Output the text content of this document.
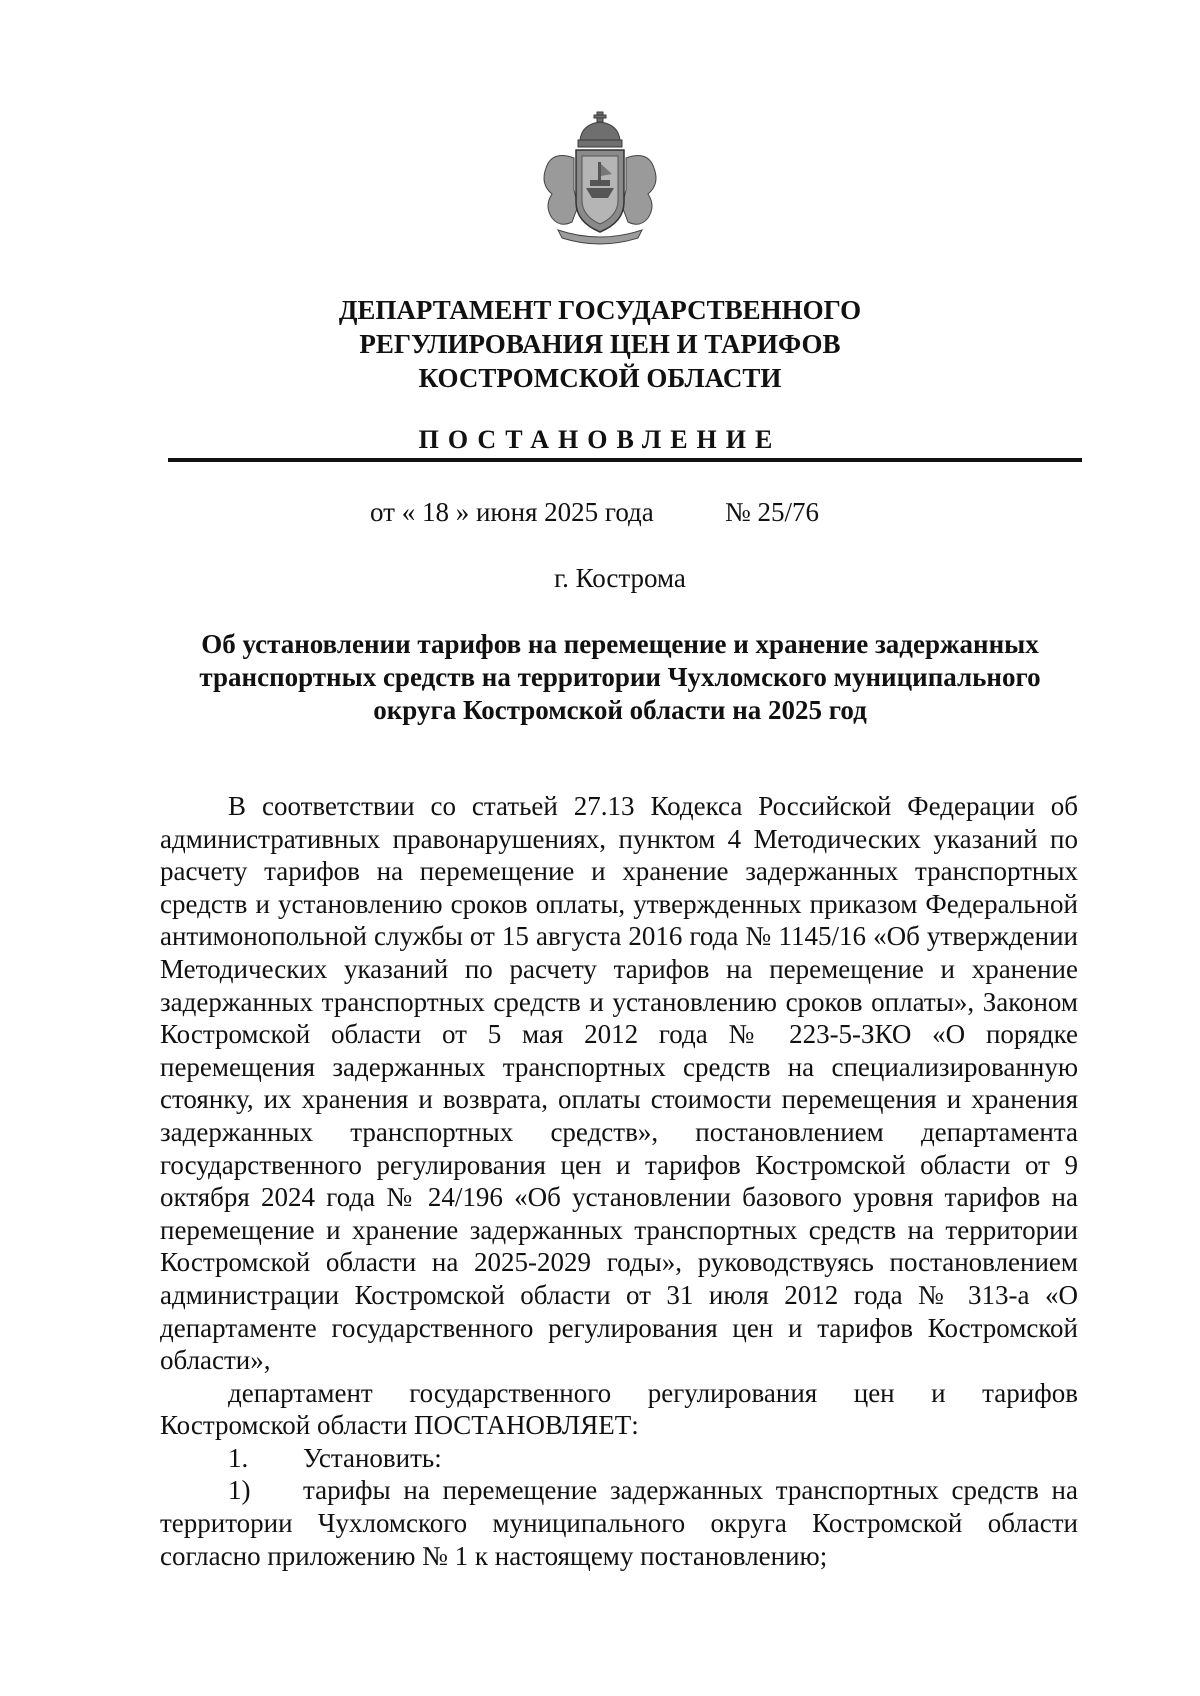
ДЕПАРТАМЕНТ ГОСУДАРСТВЕННОГО
РЕГУЛИРОВАНИЯ ЦЕН И ТАРИФОВ
КОСТРОМСКОЙ ОБЛАСТИ
ПОСТАНОВЛЕНИЕ
от « 18 » июня 2025 года	№ 25/76
г. Кострома
Об установлении тарифов на перемещение и хранение задержанных
транспортных средств на территории Чухломского муниципального
округа Костромской области на 2025 год

В соответствии со статьей 27.13 Кодекса Российской Федерации об административных правонарушениях, пунктом 4 Методических указаний по расчету тарифов на перемещение и хранение задержанных транспортных средств и установлению сроков оплаты, утвержденных приказом Федеральной антимонопольной службы от 15 августа 2016 года № 1145/16 «Об утверждении Методических указаний по расчету тарифов на перемещение и хранение задержанных транспортных средств и установлению сроков оплаты», Законом Костромской области от 5 мая 2012 года № 223-5-ЗКО «О порядке перемещения задержанных транспортных средств на специализированную стоянку, их хранения и возврата, оплаты стоимости перемещения и хранения задержанных транспортных средств», постановлением департамента государственного регулирования цен и тарифов Костромской области от 9 октября 2024 года № 24/196 «Об установлении базового уровня тарифов на перемещение и хранение задержанных транспортных средств на территории Костромской области на 2025-2029 годы», руководствуясь постановлением администрации Костромской области от 31 июля 2012 года № 313-а «О департаменте государственного регулирования цен и тарифов Костромской области»,

департамент государственного регулирования цен и тарифов Костромской области ПОСТАНОВЛЯЕТ:

1. Установить:
1) тарифы на перемещение задержанных транспортных средств на территории Чухломского муниципального округа Костромской области согласно приложению № 1 к настоящему постановлению;
